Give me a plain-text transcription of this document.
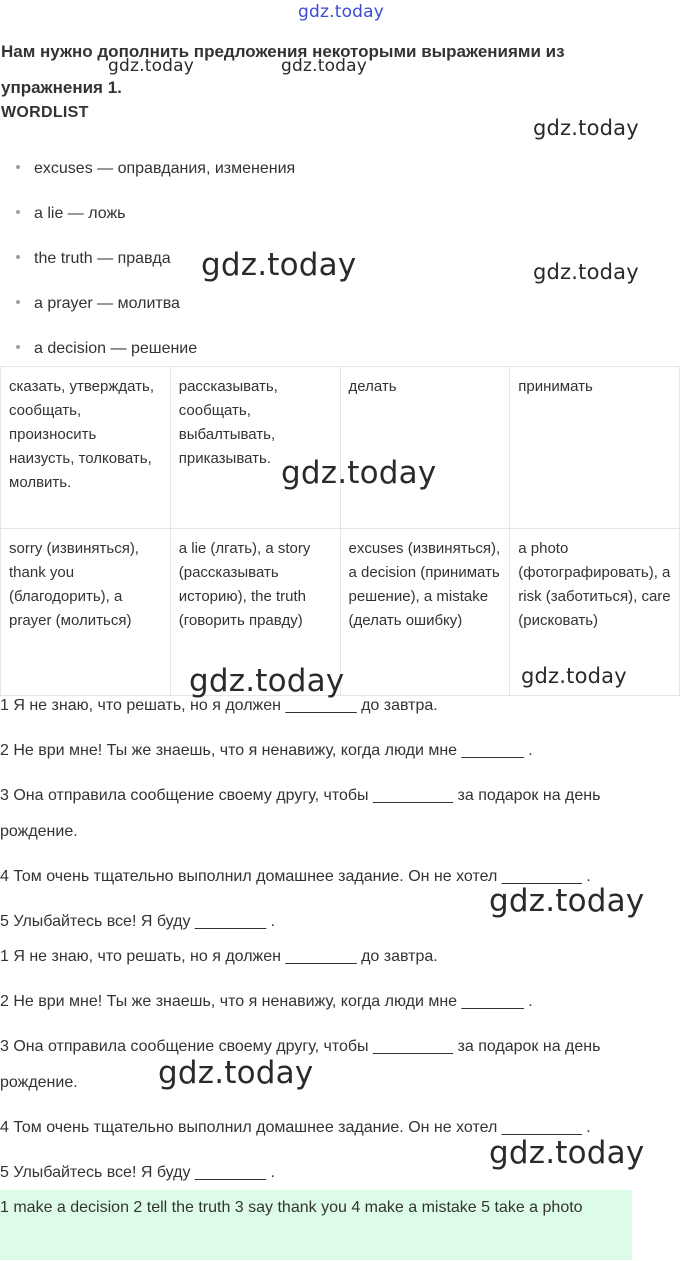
gdz.today
gdz.today	gdz.today
gdz.today
Нам нужно дополнить предложения некоторыми выражениями из упражнения 1.
WORDLIST
excuses — оправдания, изменения
a lie — ложь
the truth — правда
a prayer — молитва
a decision — решение
gdz.today	gdz.today
сказать, утверждать, сообщать, произносить наизусть, толковать, молвить.	рассказывать, сообщать, выбалтывать, приказывать.	делать	принимать
sorry (извиняться), thank you (благодорить), a prayer (молиться)	a lie (лгать), a story (рассказывать историю), the truth (говорить правду)	excuses (извиняться), a decision (принимать решение), a mistake (делать ошибку)	a photo (фотографировать), a risk (заботиться), care (рисковать)
gdz.today
gdz.today	gdz.today
1 Я не знаю, что решать, но я должен ________ до завтра.
2 Не ври мне! Ты же знаешь, что я ненавижу, когда люди мне _______ .
3 Она отправила сообщение своему другу, чтобы _________ за подарок на день рождение.
4 Том очень тщательно выполнил домашнее задание. Он не хотел _________ .
5 Улыбайтесь все! Я буду ________ .
gdz.today
1 Я не знаю, что решать, но я должен ________ до завтра.
2 Не ври мне! Ты же знаешь, что я ненавижу, когда люди мне _______ .
3 Она отправила сообщение своему другу, чтобы _________ за подарок на день рождение.
4 Том очень тщательно выполнил домашнее задание. Он не хотел _________ .
5 Улыбайтесь все! Я буду ________ .
gdz.today
gdz.today
1 make a decision 2 tell the truth 3 say thank you 4 make a mistake 5 take a photo
